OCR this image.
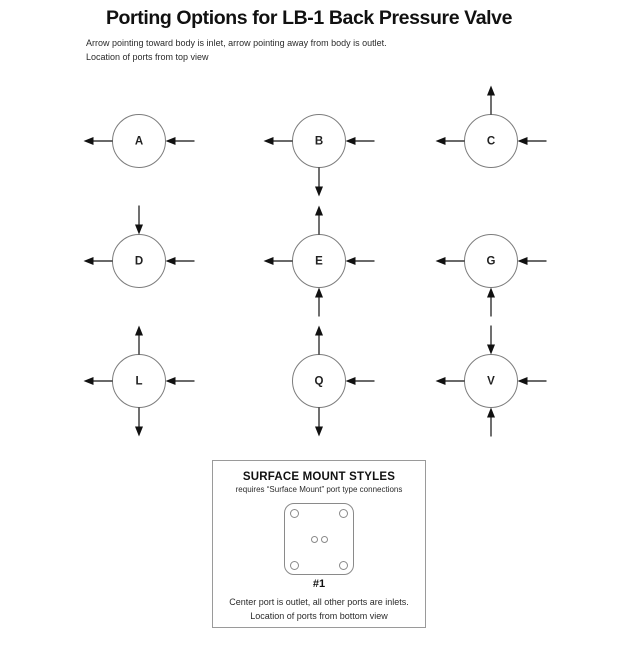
Porting Options for LB-1 Back Pressure Valve
Arrow pointing toward body is inlet, arrow pointing away from body is outlet.
Location of ports from top view
A	B	C
D	E	G
L	Q	V
SURFACE MOUNT STYLES
requires “Surface Mount” port type connections
#1
Center port is outlet, all other ports are inlets.
Location of ports from bottom view
